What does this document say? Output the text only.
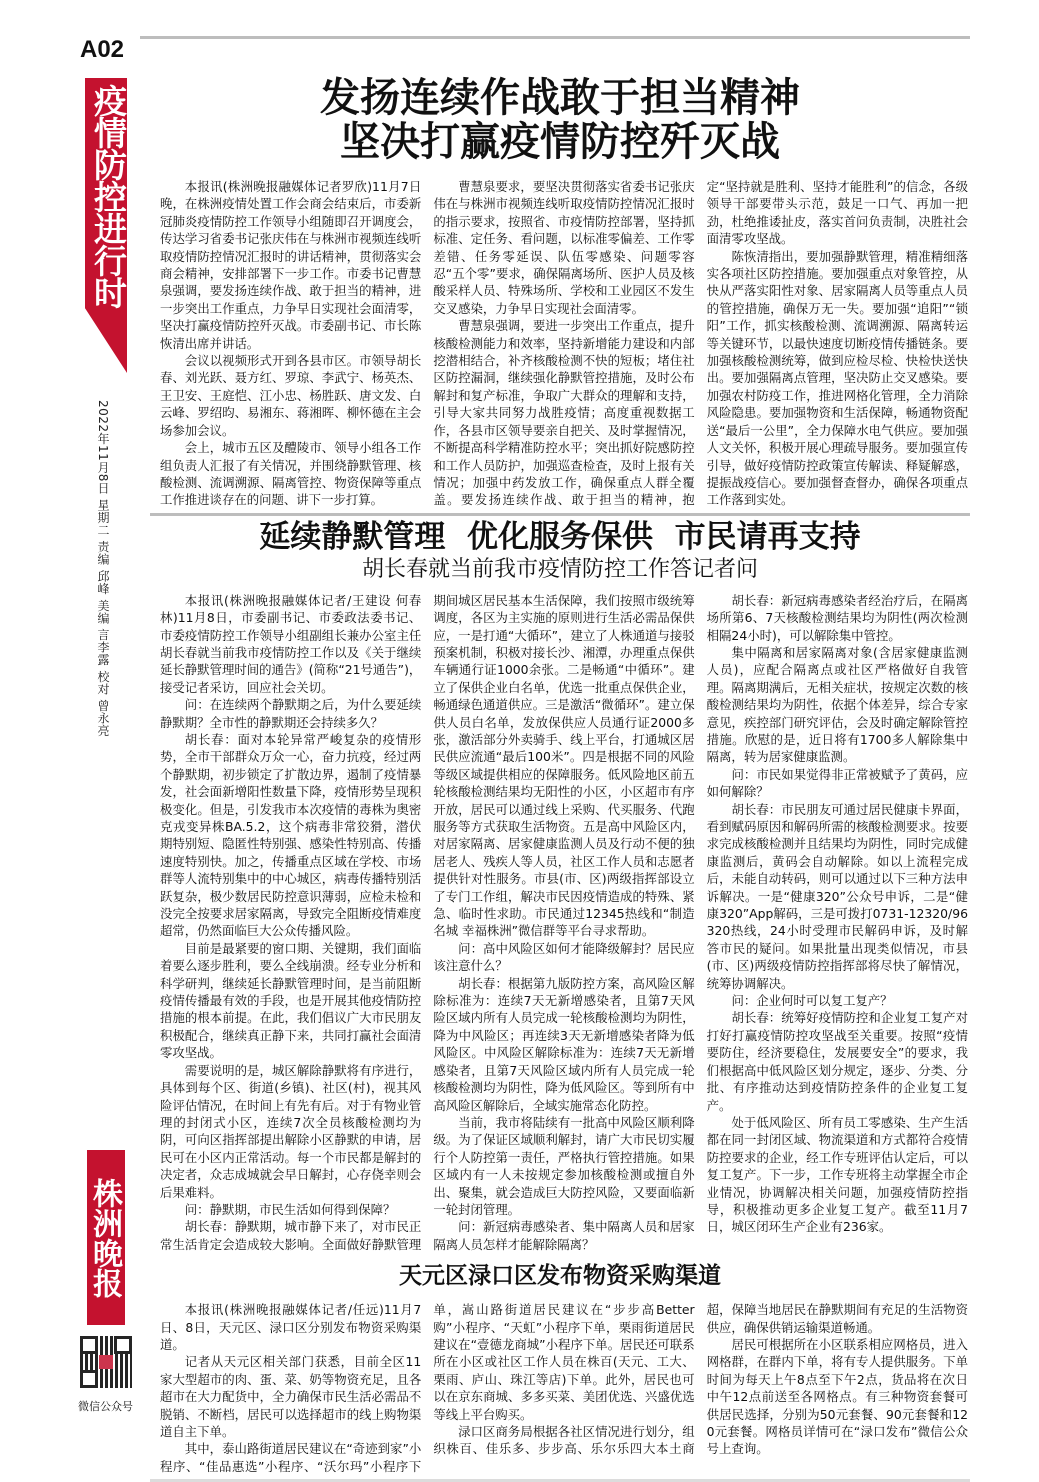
A02
疫情防控进行时
2022年11月8日 星期二 责编 邱峰 美编 言李露 校对 曾永亮
发扬连续作战敢于担当精神
坚决打赢疫情防控歼灭战

本报讯(株洲晚报融媒体记者罗欣)11月7日晚，在株洲疫情处置工作会商会结束后，市委新冠肺炎疫情防控工作领导小组随即召开调度会，传达学习省委书记张庆伟在与株洲市视频连线听取疫情防控情况汇报时的讲话精神，贯彻落实会商会精神，安排部署下一步工作。市委书记曹慧泉强调，要发扬连续作战、敢于担当的精神，进一步突出工作重点，力争早日实现社会面清零，坚决打赢疫情防控歼灭战。市委副书记、市长陈恢清出席并讲话。

会议以视频形式开到各县市区。市领导胡长春、刘光跃、聂方红、罗琼、李武宁、杨英杰、王卫安、王庭恺、江小忠、杨胜跃、唐文发、白云峰、罗绍昀、易湘东、蒋湘晖、柳怀德在主会场参加会议。

会上，城市五区及醴陵市、领导小组各工作组负责人汇报了有关情况，并围绕静默管理、核酸检测、流调溯源、隔离管控、物资保障等重点工作推进谈存在的问题、讲下一步打算。

曹慧泉要求，要坚决贯彻落实省委书记张庆伟在与株洲市视频连线听取疫情防控情况汇报时的指示要求，按照省、市疫情防控部署，坚持抓标准、定任务、看问题，以标准零偏差、工作零差错、任务零延误、队伍零感染、问题零容忍“五个零”要求，确保隔离场所、医护人员及核酸采样人员、特殊场所、学校和工业园区不发生交叉感染，力争早日实现社会面清零。

曹慧泉强调，要进一步突出工作重点，提升核酸检测能力和效率，坚持新增能力建设和内部挖潜相结合，补齐核酸检测不快的短板；堵住社区防控漏洞，继续强化静默管控措施，及时公布解封和复产标准，争取广大群众的理解和支持，引导大家共同努力战胜疫情；高度重视数据工作，各县市区领导要亲自把关、及时掌握情况，不断提高科学精准防控水平；突出抓好院感防控和工作人员防护，加强巡查检查，及时上报有关情况；加强中药发放工作，确保重点人群全覆盖。要发扬连续作战、敢于担当的精神，抱定“坚持就是胜利、坚持才能胜利”的信念，各级领导干部要带头示范，鼓足一口气、再加一把劲，杜绝推诿扯皮，落实首问负责制，决胜社会面清零攻坚战。

陈恢清指出，要加强静默管理，精准精细落实各项社区防控措施。要加强重点对象管控，从快从严落实阳性对象、居家隔离人员等重点人员的管控措施，确保万无一失。要加强“追阳”“锁阳”工作，抓实核酸检测、流调溯源、隔离转运等关键环节，以最快速度切断疫情传播链条。要加强核酸检测统筹，做到应检尽检、快检快送快出。要加强隔离点管理，坚决防止交叉感染。要加强农村防疫工作，推进网格化管理，全力消除风险隐患。要加强物资和生活保障，畅通物资配送“最后一公里”，全力保障水电气供应。要加强人文关怀，积极开展心理疏导服务。要加强宣传引导，做好疫情防控政策宣传解读、释疑解惑，提振战疫信心。要加强督查督办，确保各项重点工作落到实处。

延续静默管理  优化服务保供  市民请再支持
胡长春就当前我市疫情防控工作答记者问

本报讯(株洲晚报融媒体记者/王建设 何春林)11月8日，市委副书记、市委政法委书记、市委疫情防控工作领导小组副组长兼办公室主任胡长春就当前我市疫情防控工作以及《关于继续延长静默管理时间的通告》(简称“21号通告”)，接受记者采访，回应社会关切。

问：在连续两个静默期之后，为什么要延续静默期？全市性的静默期还会持续多久？

胡长春：面对本轮异常严峻复杂的疫情形势，全市干部群众万众一心，奋力抗疫，经过两个静默期，初步锁定了扩散边界，遏制了疫情暴发，社会面新增阳性数量下降，疫情形势呈现积极变化。但是，引发我市本次疫情的毒株为奥密克戎变异株BA.5.2，这个病毒非常狡猾，潜伏期特别短、隐匿性特别强、感染性特别高、传播速度特别快。加之，传播重点区域在学校、市场群等人流特别集中的中心城区，病毒传播特别活跃复杂，极少数居民防控意识薄弱，应检未检和没完全按要求居家隔离，导致完全阻断疫情难度超常，仍然面临巨大公众传播风险。

目前是最紧要的窗口期、关键期，我们面临着要么逐步胜利，要么全线崩溃。经专业分析和科学研判，继续延长静默管理时间，是当前阻断疫情传播最有效的手段，也是开展其他疫情防控措施的根本前提。在此，我们倡议广大市民朋友积极配合，继续真正静下来，共同打赢社会面清零攻坚战。

需要说明的是，城区解除静默将有序进行，具体到每个区、街道(乡镇)、社区(村)，视其风险评估情况，在时间上有先有后。对于有物业管理的封闭式小区，连续7次全员核酸检测均为阴，可向区指挥部提出解除小区静默的申请，居民可在小区内正常活动。每一个市民都是解封的决定者，众志成城就会早日解封，心存侥幸则会后果难料。

问：静默期，市民生活如何得到保障？

胡长春：静默期，城市静下来了，对市民正常生活肯定会造成较大影响。全面做好静默管理期间城区居民基本生活保障，我们按照市级统筹调度，各区为主实施的原则进行生活必需品保供应，一是打通“大循环”，建立了人株通道与接驳预案机制，积极对接长沙、湘潭，办理重点保供车辆通行证1000余张。二是畅通“中循环”。建立了保供企业白名单，优选一批重点保供企业，畅通绿色通道供应。三是激活“微循环”。建立保供人员白名单，发放保供应人员通行证2000多张，激活部分外卖骑手、线上平台，打通城区居民供应流通“最后100米”。四是根据不同的风险等级区域提供相应的保障服务。低风险地区前五轮核酸检测结果均无阳性的小区，小区超市有序开放，居民可以通过线上采购、代买服务、代跑服务等方式获取生活物资。五是高中风险区内，对居家隔离、居家健康监测人员及行动不便的独居老人、残疾人等人员，社区工作人员和志愿者提供针对性服务。市县(市、区)两级指挥部设立了专门工作组，解决市民因疫情造成的特殊、紧急、临时性求助。市民通过12345热线和“制造名城 幸福株洲”微信群等平台寻求帮助。

问：高中风险区如何才能降级解封？居民应该注意什么？

胡长春：根据第九版防控方案，高风险区解除标准为：连续7天无新增感染者，且第7天风险区域内所有人员完成一轮核酸检测均为阴性，降为中风险区；再连续3天无新增感染者降为低风险区。中风险区解除标准为：连续7天无新增感染者，且第7天风险区域内所有人员完成一轮核酸检测均为阴性，降为低风险区。等到所有中高风险区解除后，全域实施常态化防控。

当前，我市将陆续有一批高中风险区顺利降级。为了保证区域顺利解封，请广大市民切实履行个人防控第一责任，严格执行管控措施。如果区域内有一人未按规定参加核酸检测或擅自外出、聚集，就会造成巨大防控风险，又要面临新一轮封闭管理。

问：新冠病毒感染者、集中隔离人员和居家隔离人员怎样才能解除隔离？

胡长春：新冠病毒感染者经治疗后，在隔离场所第6、7天核酸检测结果均为阴性(两次检测相隔24小时)，可以解除集中管控。

集中隔离和居家隔离对象(含居家健康监测人员)，应配合隔离点或社区严格做好自我管理。隔离期满后，无相关症状，按规定次数的核酸检测结果均为阴性，依据个体差异，综合专家意见，疾控部门研究评估，会及时确定解除管控措施。欣慰的是，近日将有1700多人解除集中隔离，转为居家健康监测。

问：市民如果觉得非正常被赋予了黄码，应如何解除？

胡长春：市民朋友可通过居民健康卡界面，看到赋码原因和解码所需的核酸检测要求。按要求完成核酸检测并且结果均为阴性，同时完成健康监测后，黄码会自动解除。如以上流程完成后，未能自动转码，则可以通过以下三种方法申诉解决。一是“健康320”公众号申诉，二是“健康320”App解码，三是可拨打0731-12320/96320热线，24小时受理市民解码申诉，及时解答市民的疑问。如果批量出现类似情况，市县(市、区)两级疫情防控指挥部将尽快了解情况，统筹协调解决。

问：企业何时可以复工复产？

胡长春：统筹好疫情防控和企业复工复产对打好打赢疫情防控攻坚战至关重要。按照“疫情要防住，经济要稳住，发展要安全”的要求，我们根据高中低风险区划分规定，逐步、分类、分批、有序推动达到疫情防控条件的企业复工复产。

处于低风险区、所有员工零感染、生产生活都在同一封闭区域、物流渠道和方式都符合疫情防控要求的企业，经工作专班评估认定后，可以复工复产。下一步，工作专班将主动掌握全市企业情况，协调解决相关问题，加强疫情防控指导，积极推动更多企业复工复产。截至11月7日，城区闭环生产企业有236家。

天元区渌口区发布物资采购渠道

本报讯(株洲晚报融媒体记者/任远)11月7日、8日，天元区、渌口区分别发布物资采购渠道。

记者从天元区相关部门获悉，目前全区11家大型超市的肉、蛋、菜、奶等物资充足，且各超市在大力配货中，全力确保市民生活必需品不脱销、不断档，居民可以选择超市的线上购物渠道自主下单。

其中，泰山路街道居民建议在“奇迹到家”小程序、“佳品惠选”小程序、“沃尔玛”小程序下单，嵩山路街道居民建议在“步步高Better购”小程序、“天虹”小程序下单，栗雨街道居民建议在“壹德龙商城”小程序下单。居民还可联系所在小区或社区工作人员在株百(天元、工大、栗雨、庐山、珠江等店)下单。此外，居民也可以在京东商城、多多买菜、美团优选、兴盛优选等线上平台购买。

渌口区商务局根据各社区情况进行划分，组织株百、佳乐多、步步高、乐尔乐四大本土商超，保障当地居民在静默期间有充足的生活物资供应，确保供销运输渠道畅通。

居民可根据所在小区联系相应网格员，进入网格群，在群内下单，将有专人提供服务。下单时间为每天上午8点至下午2点，货品将在次日中午12点前送至各网格点。有三种物资套餐可供居民选择，分别为50元套餐、90元套餐和120元套餐。网格员详情可在“渌口发布”微信公众号上查询。

株洲晚报
微信公众号
